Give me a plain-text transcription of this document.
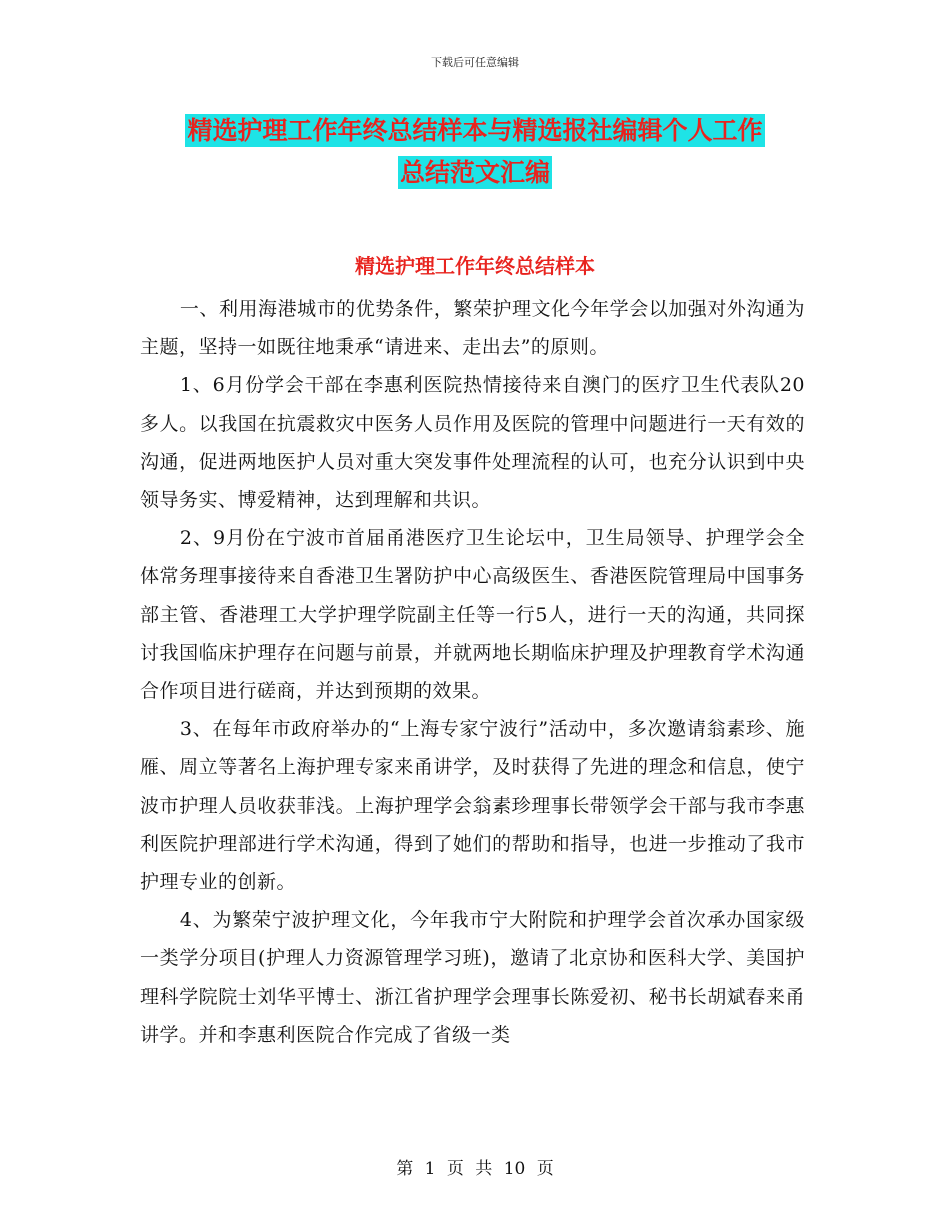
下载后可任意编辑
精选护理工作年终总结样本与精选报社编辑个人工作
总结范文汇编
精选护理工作年终总结样本

一、利用海港城市的优势条件，繁荣护理文化今年学会以加强对外沟通为主题，坚持一如既往地秉承“请进来、走出去”的原则。

1、6月份学会干部在李惠利医院热情接待来自澳门的医疗卫生代表队20多人。以我国在抗震救灾中医务人员作用及医院的管理中问题进行一天有效的沟通，促进两地医护人员对重大突发事件处理流程的认可，也充分认识到中央领导务实、博爱精神，达到理解和共识。

2、9月份在宁波市首届甬港医疗卫生论坛中，卫生局领导、护理学会全体常务理事接待来自香港卫生署防护中心高级医生、香港医院管理局中国事务部主管、香港理工大学护理学院副主任等一行5人，进行一天的沟通，共同探讨我国临床护理存在问题与前景，并就两地长期临床护理及护理教育学术沟通合作项目进行磋商，并达到预期的效果。

3、在每年市政府举办的“上海专家宁波行”活动中，多次邀请翁素珍、施雁、周立等著名上海护理专家来甬讲学，及时获得了先进的理念和信息，使宁波市护理人员收获菲浅。上海护理学会翁素珍理事长带领学会干部与我市李惠利医院护理部进行学术沟通，得到了她们的帮助和指导，也进一步推动了我市护理专业的创新。

4、为繁荣宁波护理文化，今年我市宁大附院和护理学会首次承办国家级一类学分项目(护理人力资源管理学习班)，邀请了北京协和医科大学、美国护理科学院院士刘华平博士、浙江省护理学会理事长陈爱初、秘书长胡斌春来甬讲学。并和李惠利医院合作完成了省级一类

第 1 页 共 10 页
